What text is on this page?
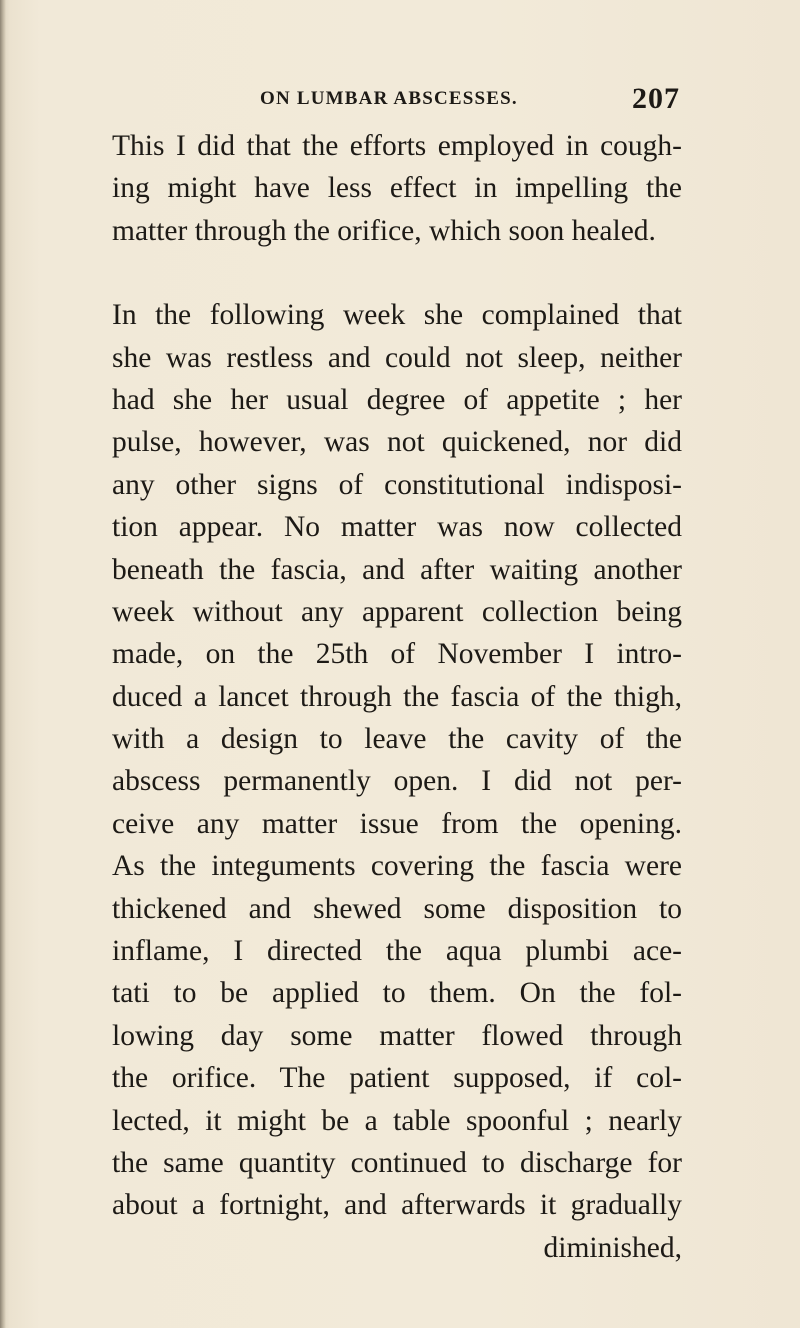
ON LUMBAR ABSCESSES.	207
This I did that the efforts employed in cough-
ing might have less effect in impelling the
matter through the orifice, which soon healed.
In the following week she complained that
she was restless and could not sleep, neither
had she her usual degree of appetite ; her
pulse, however, was not quickened, nor did
any other signs of constitutional indisposi-
tion appear. No matter was now collected
beneath the fascia, and after waiting another
week without any apparent collection being
made, on the 25th of November I intro-
duced a lancet through the fascia of the thigh,
with a design to leave the cavity of the
abscess permanently open. I did not per-
ceive any matter issue from the opening.
As the integuments covering the fascia were
thickened and shewed some disposition to
inflame, I directed the aqua plumbi ace-
tati to be applied to them. On the fol-
lowing day some matter flowed through
the orifice. The patient supposed, if col-
lected, it might be a table spoonful ; nearly
the same quantity continued to discharge for
about a fortnight, and afterwards it gradually
diminished,
